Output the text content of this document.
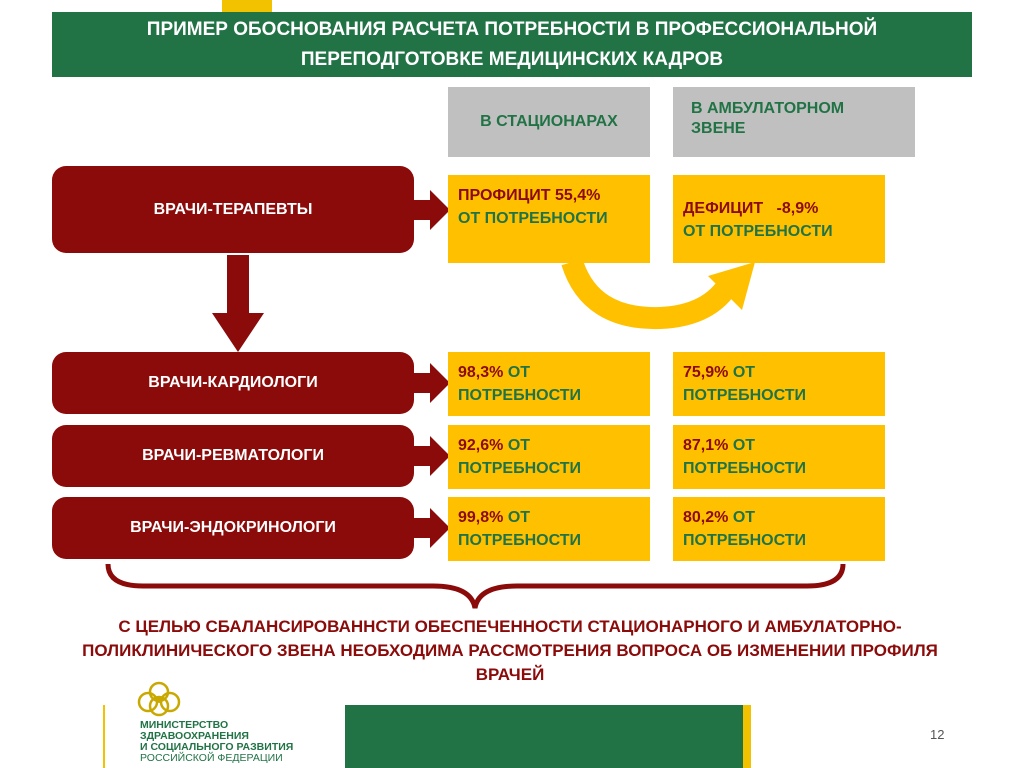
ПРИМЕР ОБОСНОВАНИЯ РАСЧЕТА ПОТРЕБНОСТИ В ПРОФЕССИОНАЛЬНОЙ ПЕРЕПОДГОТОВКЕ МЕДИЦИНСКИХ КАДРОВ
В СТАЦИОНАРАХ
В АМБУЛАТОРНОМ ЗВЕНЕ
ВРАЧИ-ТЕРАПЕВТЫ
ПРОФИЦИТ 55,4%
ОТ ПОТРЕБНОСТИ
ДЕФИЦИТ   -8,9%
ОТ ПОТРЕБНОСТИ
ВРАЧИ-КАРДИОЛОГИ
98,3% ОТ ПОТРЕБНОСТИ
75,9% ОТ ПОТРЕБНОСТИ
ВРАЧИ-РЕВМАТОЛОГИ
92,6% ОТ ПОТРЕБНОСТИ
87,1% ОТ ПОТРЕБНОСТИ
ВРАЧИ-ЭНДОКРИНОЛОГИ
99,8% ОТ ПОТРЕБНОСТИ
80,2% ОТ ПОТРЕБНОСТИ
С ЦЕЛЬЮ СБАЛАНСИРОВАННСТИ ОБЕСПЕЧЕННОСТИ СТАЦИОНАРНОГО И АМБУЛАТОРНО-ПОЛИКЛИНИЧЕСКОГО ЗВЕНА НЕОБХОДИМА РАССМОТРЕНИЯ ВОПРОСА ОБ ИЗМЕНЕНИИ ПРОФИЛЯ ВРАЧЕЙ
МИНИСТЕРСТВО
ЗДРАВООХРАНЕНИЯ
И СОЦИАЛЬНОГО РАЗВИТИЯ
РОССИЙСКОЙ ФЕДЕРАЦИИ
12
